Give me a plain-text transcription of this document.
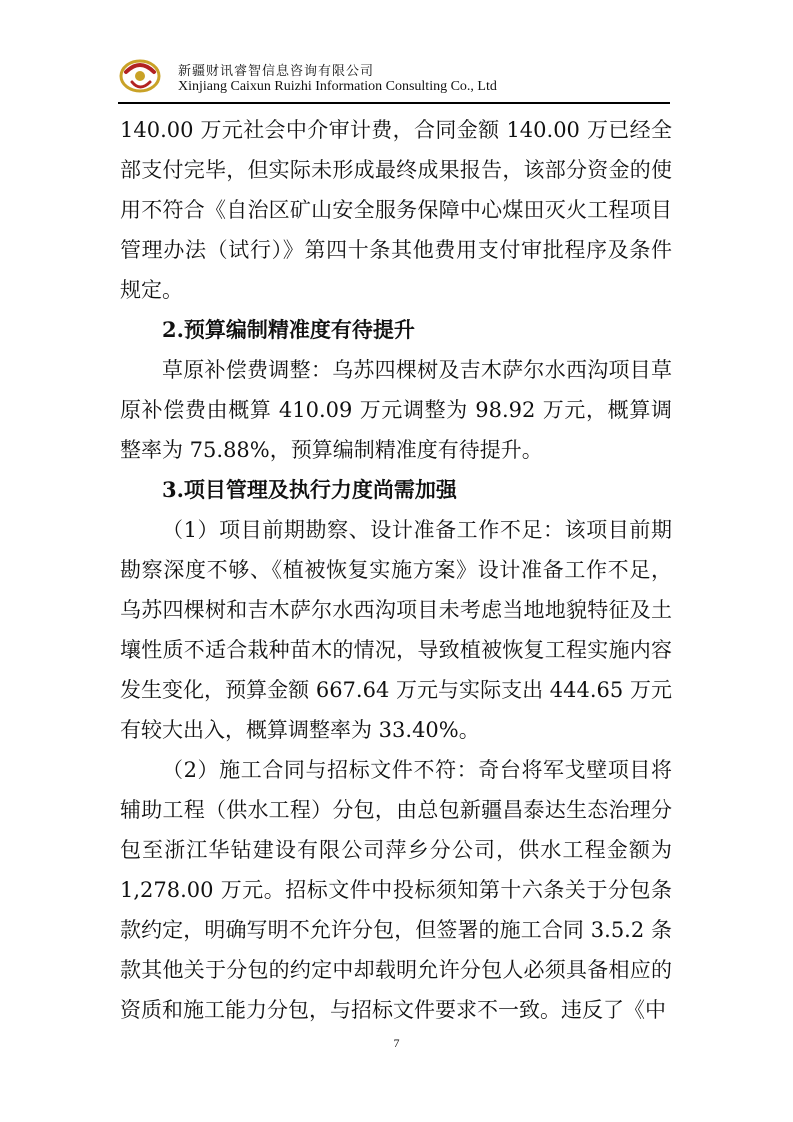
新疆财讯睿智信息咨询有限公司
Xinjiang Caixun Ruizhi Information Consulting Co., Ltd

140.00 万元社会中介审计费，合同金额 140.00 万已经全部支付完毕，但实际未形成最终成果报告，该部分资金的使用不符合《自治区矿山安全服务保障中心煤田灭火工程项目管理办法（试行）》第四十条其他费用支付审批程序及条件规定。

2.预算编制精准度有待提升

草原补偿费调整：乌苏四棵树及吉木萨尔水西沟项目草原补偿费由概算 410.09 万元调整为 98.92 万元，概算调整率为 75.88%，预算编制精准度有待提升。

3.项目管理及执行力度尚需加强

（1）项目前期勘察、设计准备工作不足：该项目前期勘察深度不够、《植被恢复实施方案》设计准备工作不足，乌苏四棵树和吉木萨尔水西沟项目未考虑当地地貌特征及土壤性质不适合栽种苗木的情况，导致植被恢复工程实施内容发生变化，预算金额 667.64 万元与实际支出 444.65 万元有较大出入，概算调整率为 33.40%。

（2）施工合同与招标文件不符：奇台将军戈壁项目将辅助工程（供水工程）分包，由总包新疆昌泰达生态治理分包至浙江华钻建设有限公司萍乡分公司，供水工程金额为 1,278.00 万元。招标文件中投标须知第十六条关于分包条款约定，明确写明不允许分包，但签署的施工合同 3.5.2 条款其他关于分包的约定中却载明允许分包人必须具备相应的资质和施工能力分包，与招标文件要求不一致。违反了《中

7
